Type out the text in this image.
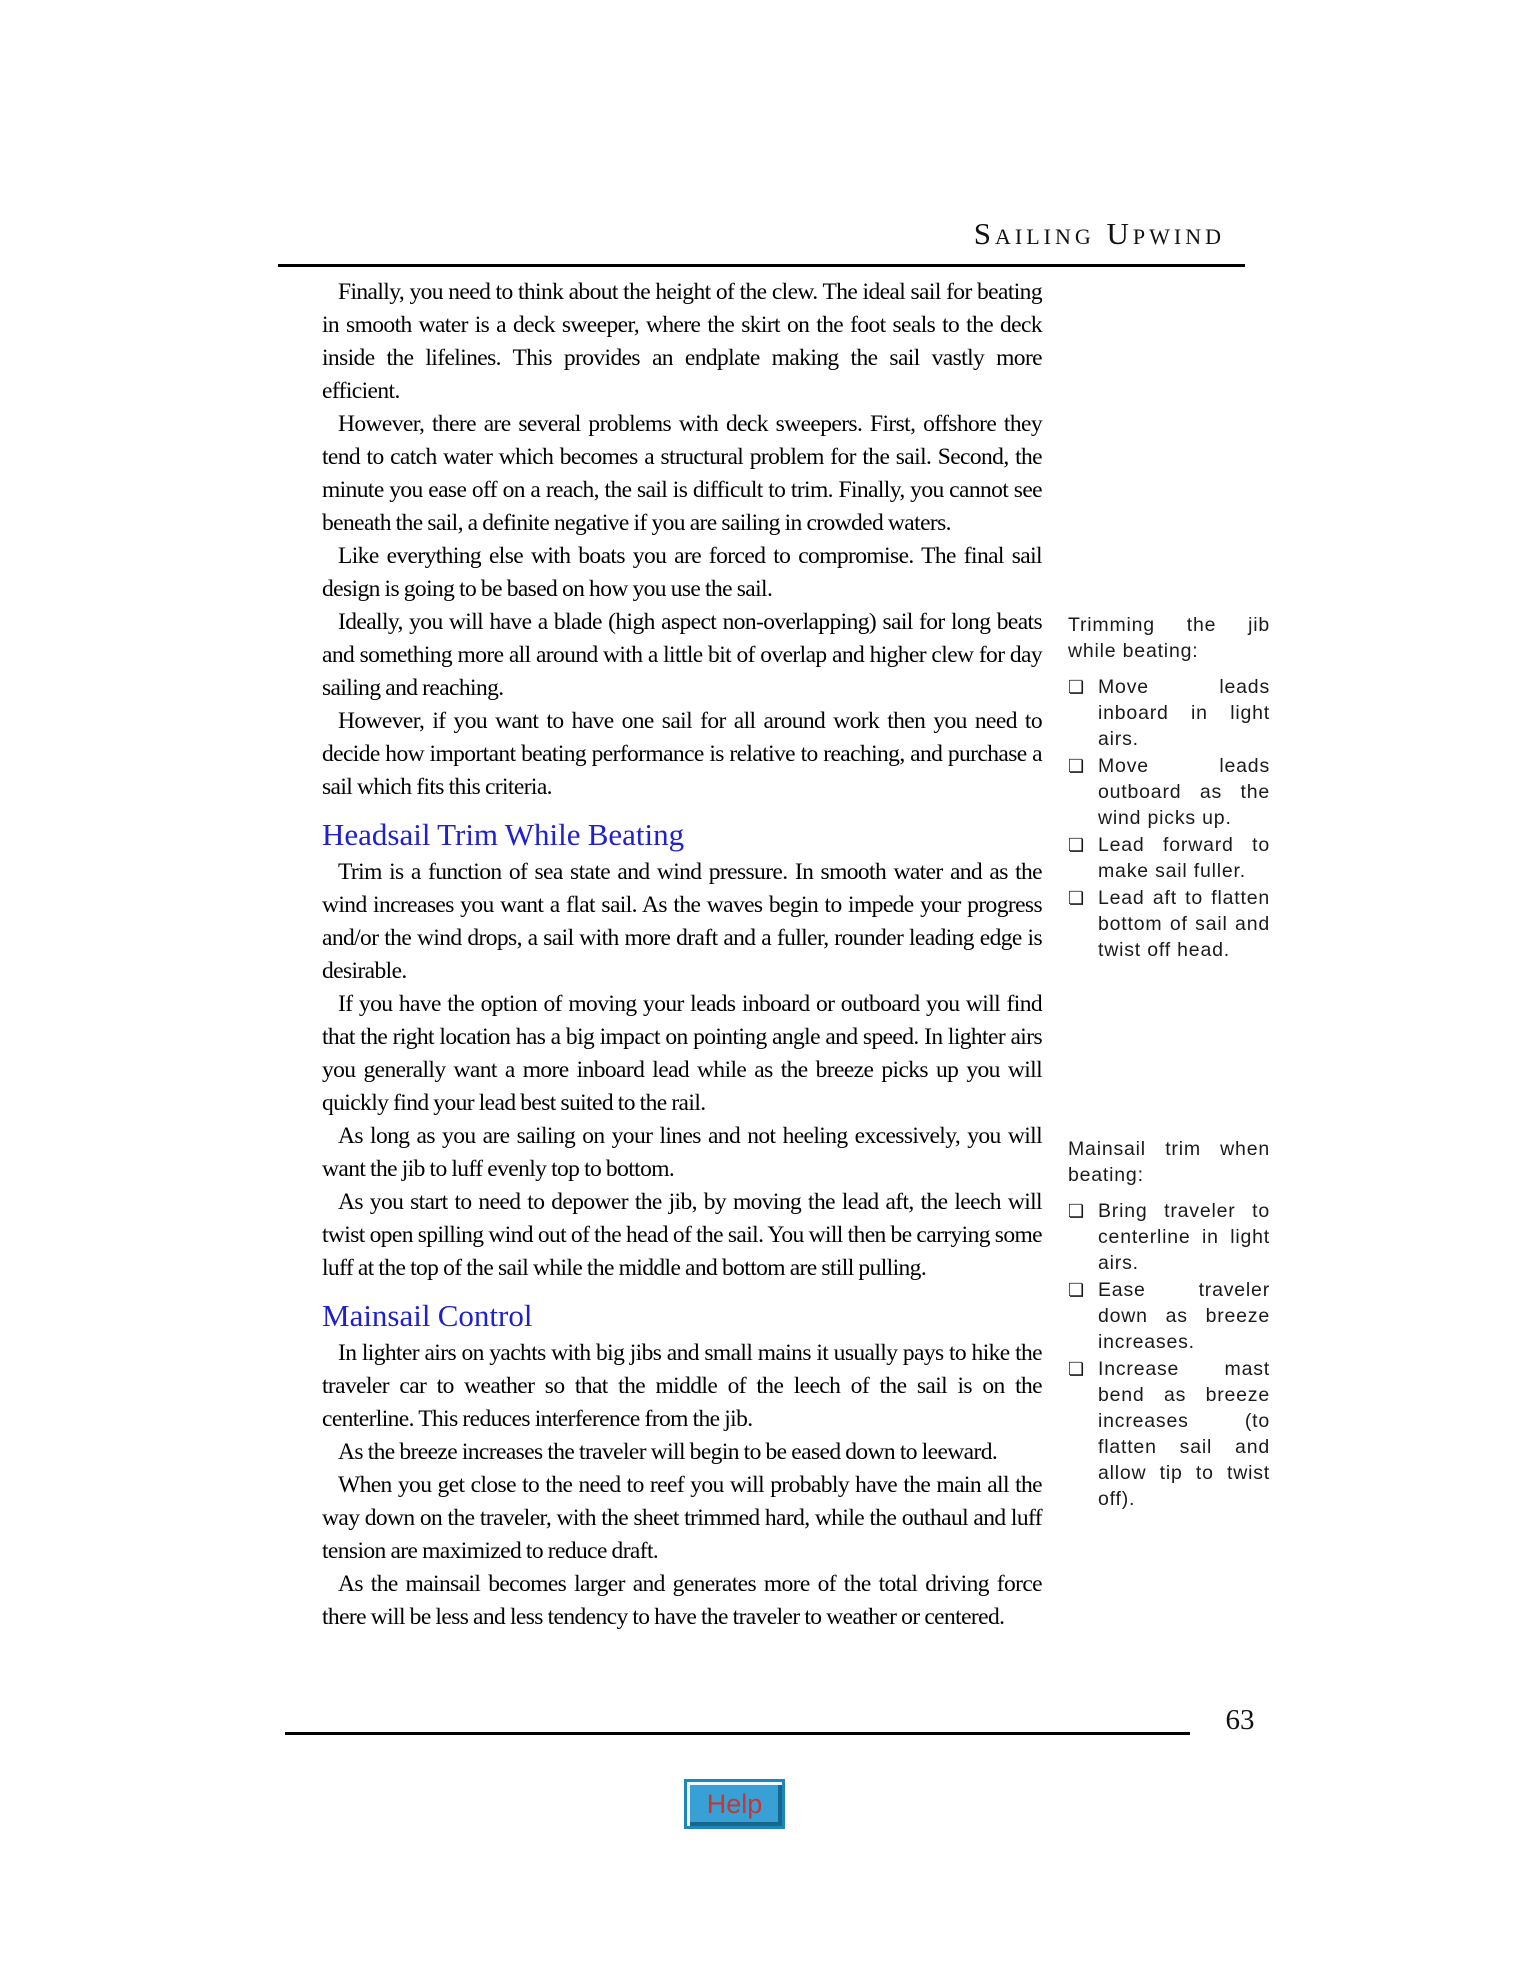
Sailing Upwind

Finally, you need to think about the height of the clew. The ideal sail for beating in smooth water is a deck sweeper, where the skirt on the foot seals to the deck inside the lifelines. This provides an endplate making the sail vastly more efficient.

However, there are several problems with deck sweepers. First, offshore they tend to catch water which becomes a structural problem for the sail. Second, the minute you ease off on a reach, the sail is difficult to trim. Finally, you cannot see beneath the sail, a definite negative if you are sailing in crowded waters.

Like everything else with boats you are forced to compromise. The final sail design is going to be based on how you use the sail.

Ideally, you will have a blade (high aspect non-overlapping) sail for long beats and something more all around with a little bit of overlap and higher clew for day sailing and reaching.

However, if you want to have one sail for all around work then you need to decide how important beating performance is relative to reaching, and purchase a sail which fits this criteria.

Headsail Trim While Beating

Trim is a function of sea state and wind pressure. In smooth water and as the wind increases you want a flat sail. As the waves begin to impede your progress and/or the wind drops, a sail with more draft and a fuller, rounder leading edge is desirable.

If you have the option of moving your leads inboard or outboard you will find that the right location has a big impact on pointing angle and speed. In lighter airs you generally want a more inboard lead while as the breeze picks up you will quickly find your lead best suited to the rail.

As long as you are sailing on your lines and not heeling excessively, you will want the jib to luff evenly top to bottom.

As you start to need to depower the jib, by moving the lead aft, the leech will twist open spilling wind out of the head of the sail. You will then be carrying some luff at the top of the sail while the middle and bottom are still pulling.

Mainsail Control

In lighter airs on yachts with big jibs and small mains it usually pays to hike the traveler car to weather so that the middle of the leech of the sail is on the centerline. This reduces interference from the jib.

As the breeze increases the traveler will begin to be eased down to leeward.

When you get close to the need to reef you will probably have the main all the way down on the traveler, with the sheet trimmed hard, while the outhaul and luff tension are maximized to reduce draft.

As the mainsail becomes larger and generates more of the total driving force there will be less and less tendency to have the traveler to weather or centered.

Trimming the jib while beating:

❏ Move leads inboard in light airs.
❏ Move leads outboard as the wind picks up.
❏ Lead forward to make sail fuller.
❏ Lead aft to flatten bottom of sail and twist off head.

Mainsail trim when beating:

❏ Bring traveler to centerline in light airs.
❏ Ease traveler down as breeze increases.
❏ Increase mast bend as breeze increases (to flatten sail and allow tip to twist off).
63
Help
